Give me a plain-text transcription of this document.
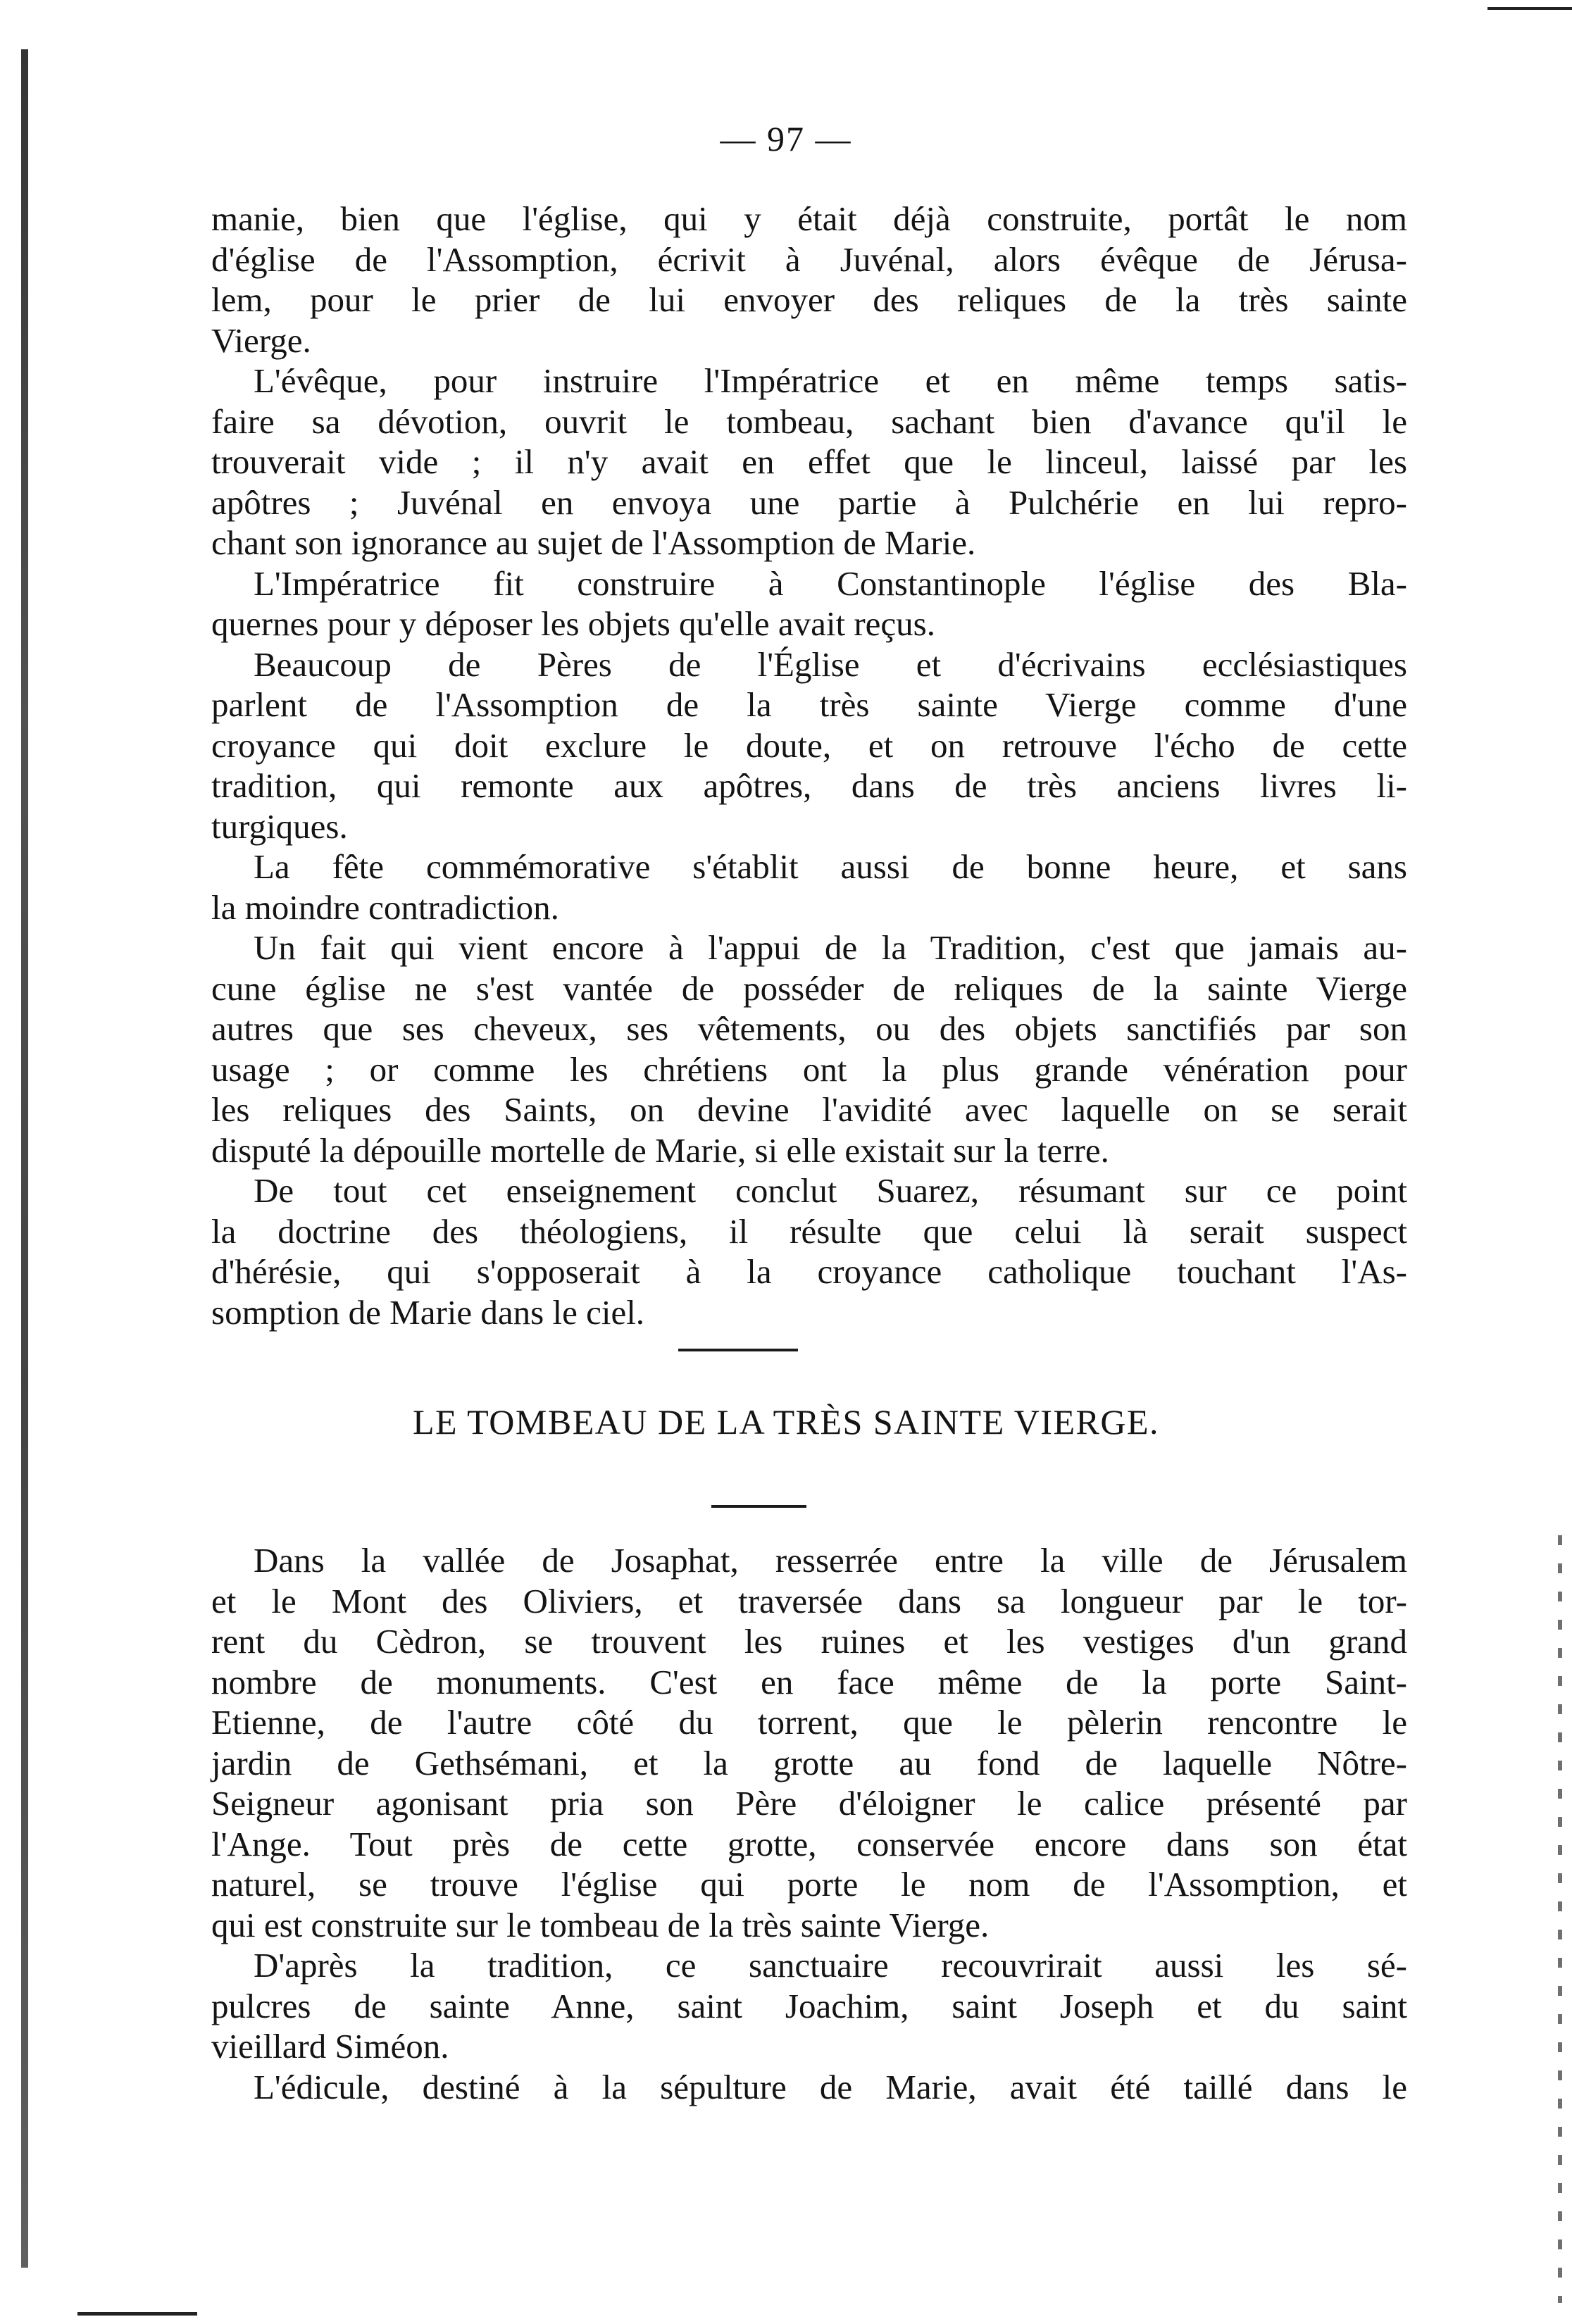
— 97 —
manie, bien que l'église, qui y était déjà construite, portât le nom
d'église de l'Assomption, écrivit à Juvénal, alors évêque de Jérusa-
lem, pour le prier de lui envoyer des reliques de la très sainte
Vierge.
L'évêque, pour instruire l'Impératrice et en même temps satis-
faire sa dévotion, ouvrit le tombeau, sachant bien d'avance qu'il le
trouverait vide ; il n'y avait en effet que le linceul, laissé par les
apôtres ; Juvénal en envoya une partie à Pulchérie en lui repro-
chant son ignorance au sujet de l'Assomption de Marie.
L'Impératrice fit construire à Constantinople l'église des Bla-
quernes pour y déposer les objets qu'elle avait reçus.
Beaucoup de Pères de l'Église et d'écrivains ecclésiastiques
parlent de l'Assomption de la très sainte Vierge comme d'une
croyance qui doit exclure le doute, et on retrouve l'écho de cette
tradition, qui remonte aux apôtres, dans de très anciens livres li-
turgiques.
La fête commémorative s'établit aussi de bonne heure, et sans
la moindre contradiction.
Un fait qui vient encore à l'appui de la Tradition, c'est que jamais au-
cune église ne s'est vantée de posséder de reliques de la sainte Vierge
autres que ses cheveux, ses vêtements, ou des objets sanctifiés par son
usage ; or comme les chrétiens ont la plus grande vénération pour
les reliques des Saints, on devine l'avidité avec laquelle on se serait
disputé la dépouille mortelle de Marie, si elle existait sur la terre.
De tout cet enseignement conclut Suarez, résumant sur ce point
la doctrine des théologiens, il résulte que celui là serait suspect
d'hérésie, qui s'opposerait à la croyance catholique touchant l'As-
somption de Marie dans le ciel.
LE TOMBEAU DE LA TRÈS SAINTE VIERGE.
Dans la vallée de Josaphat, resserrée entre la ville de Jérusalem
et le Mont des Oliviers, et traversée dans sa longueur par le tor-
rent du Cèdron, se trouvent les ruines et les vestiges d'un grand
nombre de monuments. C'est en face même de la porte Saint-
Etienne, de l'autre côté du torrent, que le pèlerin rencontre le
jardin de Gethsémani, et la grotte au fond de laquelle Nôtre-
Seigneur agonisant pria son Père d'éloigner le calice présenté par
l'Ange. Tout près de cette grotte, conservée encore dans son état
naturel, se trouve l'église qui porte le nom de l'Assomption, et
qui est construite sur le tombeau de la très sainte Vierge.
D'après la tradition, ce sanctuaire recouvrirait aussi les sé-
pulcres de sainte Anne, saint Joachim, saint Joseph et du saint
vieillard Siméon.
L'édicule, destiné à la sépulture de Marie, avait été taillé dans le
